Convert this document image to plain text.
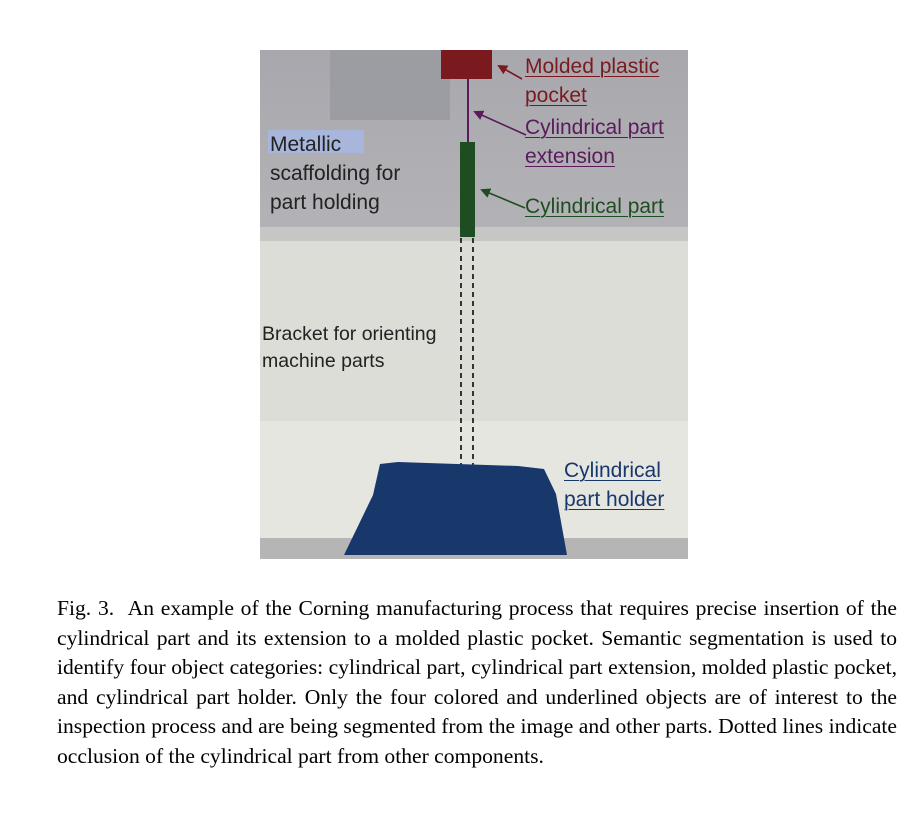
Molded plastic
pocket
Cylindrical part
extension
Cylindrical part
Cylindrical
part holder
Metallic
scaffolding for
part holding
Bracket for orienting
machine parts

Fig. 3. An example of the Corning manufacturing process that requires precise insertion of the cylindrical part and its extension to a molded plastic pocket. Semantic segmentation is used to identify four object categories: cylindrical part, cylindrical part extension, molded plastic pocket, and cylindrical part holder. Only the four colored and underlined objects are of interest to the inspection process and are being segmented from the image and other parts. Dotted lines indicate occlusion of the cylindrical part from other components.
